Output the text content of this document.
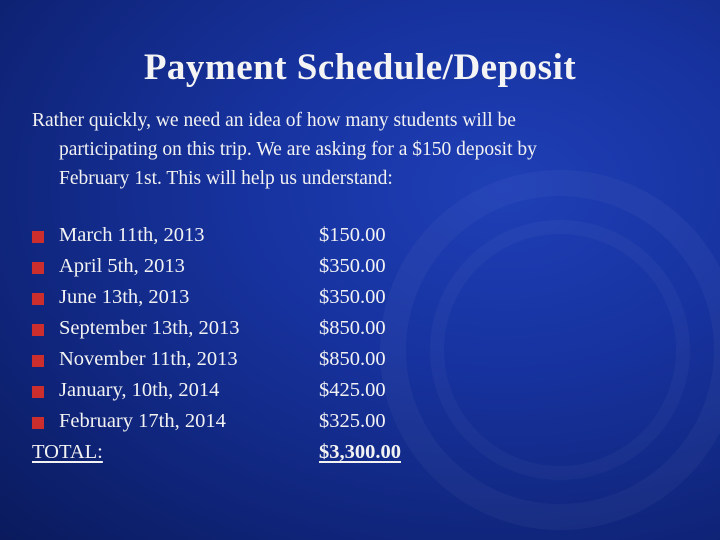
Payment Schedule/Deposit
Rather quickly, we need an idea of how many students will be
participating on this trip. We are asking for a $150 deposit by
February 1st. This will help us understand:
March 11th, 2013	$150.00
April 5th, 2013	$350.00
June 13th, 2013	$350.00
September 13th, 2013	$850.00
November 11th, 2013	$850.00
January, 10th, 2014	$425.00
February 17th, 2014	$325.00
TOTAL:	$3,300.00
